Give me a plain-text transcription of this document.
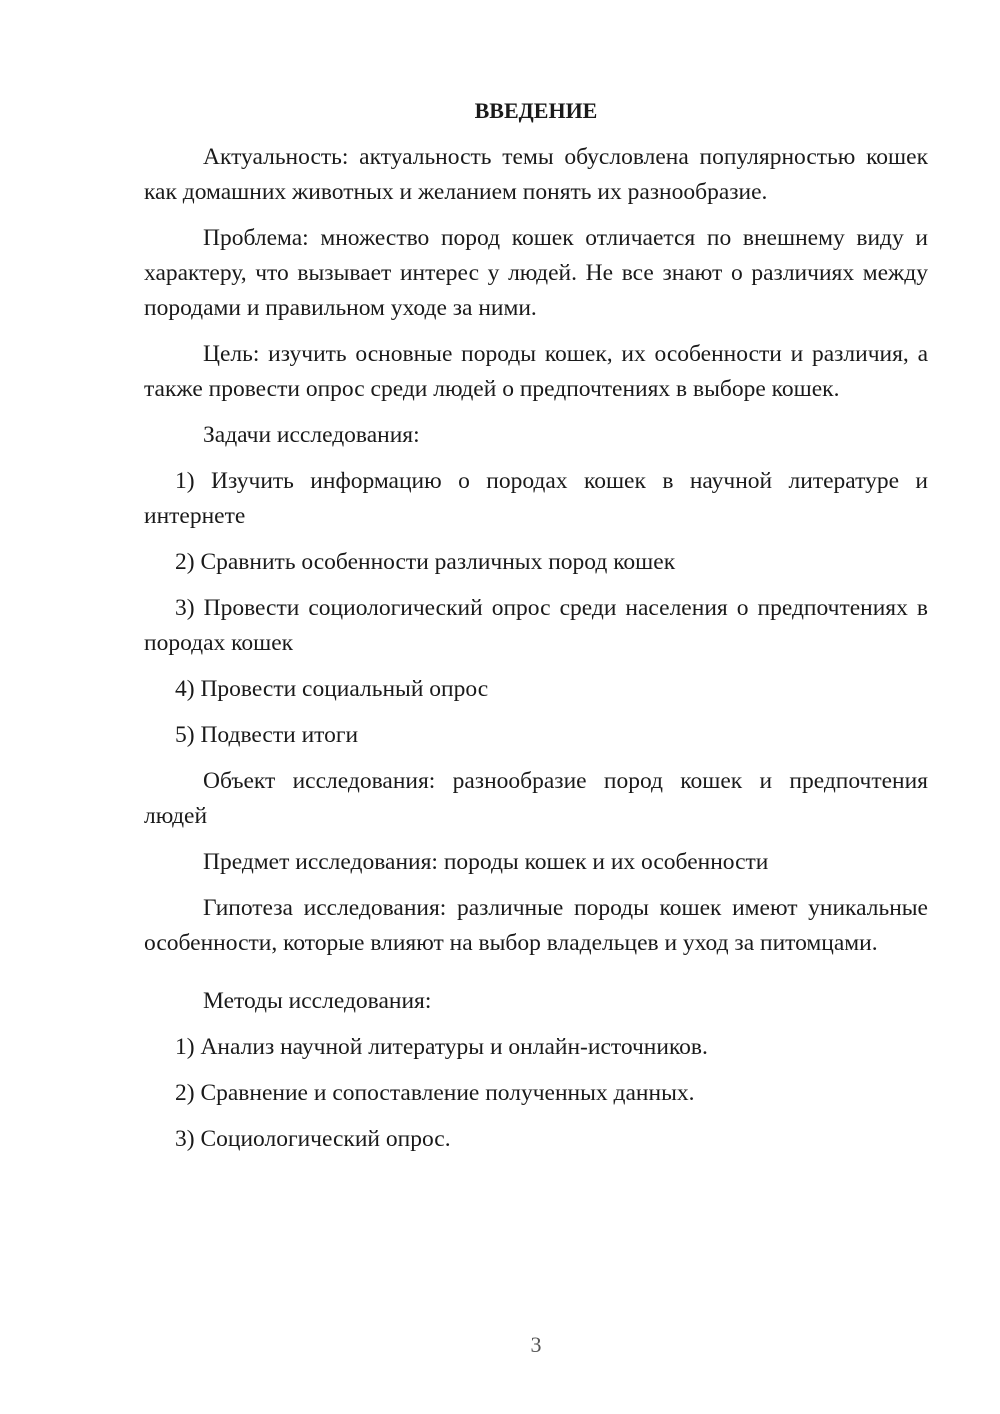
ВВЕДЕНИЕ
Актуальность: актуальность темы обусловлена популярностью кошек как домашних животных и желанием понять их разнообразие.
Проблема: множество пород кошек отличается по внешнему виду и характеру, что вызывает интерес у людей. Не все знают о различиях между породами и правильном уходе за ними.
Цель: изучить основные породы кошек, их особенности и различия, а также провести опрос среди людей о предпочтениях в выборе кошек.
Задачи исследования:
1) Изучить информацию о породах кошек в научной литературе и интернете
2) Сравнить особенности различных пород кошек
3) Провести социологический опрос среди населения о предпочтениях в породах кошек
4) Провести социальный опрос
5) Подвести итоги
Объект исследования: разнообразие пород кошек и предпочтения людей
Предмет исследования: породы кошек и их особенности
Гипотеза исследования: различные породы кошек имеют уникальные особенности, которые влияют на выбор владельцев и уход за питомцами.
Методы исследования:
1) Анализ научной литературы и онлайн-источников.
2) Сравнение и сопоставление полученных данных.
3) Социологический опрос.
3
